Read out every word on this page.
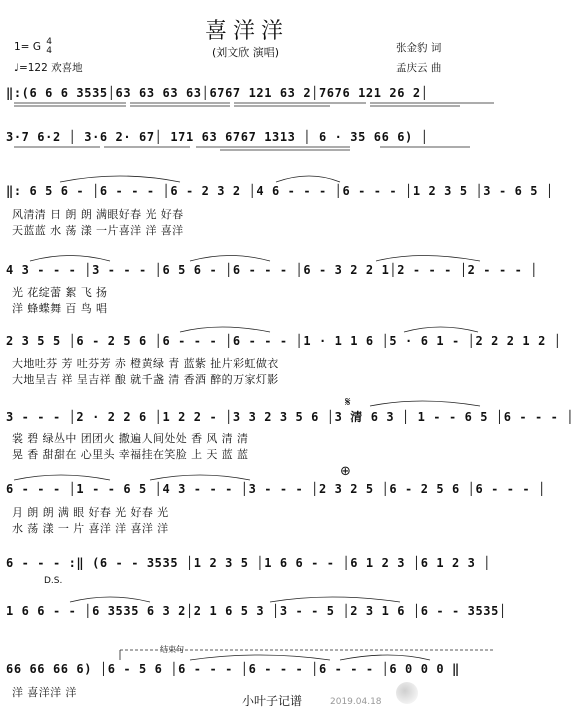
喜洋洋
(刘文欣 演唱)
1= G 4
4
♩=122 欢喜地
张金豹 词
孟庆云 曲
‖:(6 6 6 3535│63 63 63 63│6767 121 63 2│7676 121 26 2│
3·7 6·2 │ 3·6 2· 67│ 171 63 6767 1313 │ 6 · 35 66 6) │
‖: 6 5 6 - │6 - - - │6 - 2 3 2 │4 6 - - - │6 - - - │1 2 3 5 │3 - 6 5 │
风清清 日 朗 朗 满眼好春 光 好春
天蓝蓝 水 荡 漾 一片喜洋 洋 喜洋
4 3 - - - │3 - - - │6 5 6 - │6 - - - │6 - 3 2 2 1│2 - - - │2 - - - │
光 花绽蕾 絮 飞 扬
洋 蜂蝶舞 百 鸟 唱
2 3 5 5 │6 - 2 5 6 │6 - - - │6 - - - │1 · 1 1 6 │5 · 6 1 - │2 2 2 1 2 │
大地吐芬 芳 吐芬芳 赤 橙黄绿 青 蓝紫 扯片彩虹做衣
大地呈吉 祥 呈吉祥 酿 就千盏 清 香酒 醉的万家灯影
3 - - - │2 · 2 2 6 │1 2 2 - │3 3 2 3 5 6 │3 清 6 3 │ 1 - - 6 5 │6 - - - │
裳 碧 绿丛中 团团火 撒遍人间处处 香 风 清 清
晃 香 甜甜在 心里头 幸福挂在笑脸 上 天 蓝 蓝
6 - - - │1 - - 6 5 │4 3 - - - │3 - - - │2 3 2 5 │6 - 2 5 6 │6 - - - │
月 朗 朗 满 眼 好春 光 好春 光
水 荡 漾 一 片 喜洋 洋 喜洋 洋
6 - - - :‖ (6 - - 3535 │1 2 3 5 │1 6 6 - - │6 1 2 3 │6 1 2 3 │
D.S.
1 6 6 - - │6 3535 6 3 2│2 1 6 5 3 │3 - - 5 │2 3 1 6 │6 - - 3535│
结束句
66 66 66 6) │6 - 5 6 │6 - - - │6 - - - │6 - - - │6 0 0 0 ‖
洋 喜洋洋 洋
𝄋
⊕
小叶子记谱	2019.04.18
